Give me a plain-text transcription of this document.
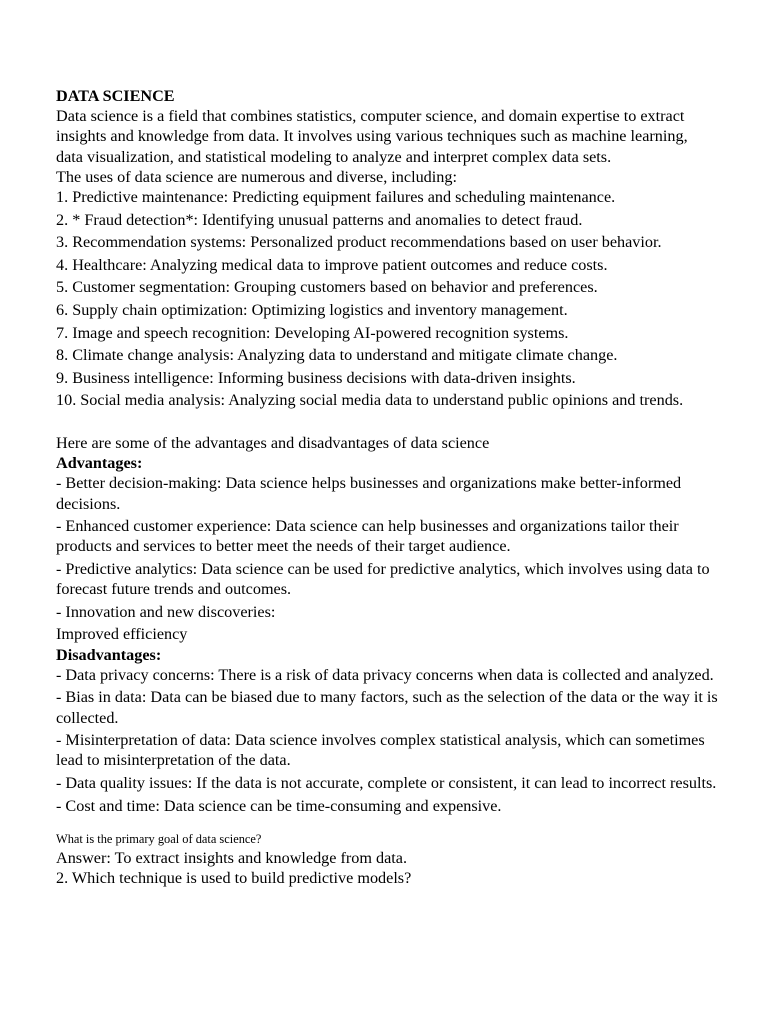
DATA SCIENCE
Data science is a field that combines statistics, computer science, and domain expertise to extract insights and knowledge from data. It involves using various techniques such as machine learning, data visualization, and statistical modeling to analyze and interpret complex data sets.
The uses of data science are numerous and diverse, including:
1. Predictive maintenance: Predicting equipment failures and scheduling maintenance.
2. * Fraud detection*: Identifying unusual patterns and anomalies to detect fraud.
3. Recommendation systems: Personalized product recommendations based on user behavior.
4. Healthcare: Analyzing medical data to improve patient outcomes and reduce costs.
5. Customer segmentation: Grouping customers based on behavior and preferences.
6. Supply chain optimization: Optimizing logistics and inventory management.
7. Image and speech recognition: Developing AI-powered recognition systems.
8. Climate change analysis: Analyzing data to understand and mitigate climate change.
9. Business intelligence: Informing business decisions with data-driven insights.
10. Social media analysis: Analyzing social media data to understand public opinions and trends.
Here are some of the advantages and disadvantages of data science
Advantages:
- Better decision-making: Data science helps businesses and organizations make better-informed decisions.
- Enhanced customer experience: Data science can help businesses and organizations tailor their products and services to better meet the needs of their target audience.
- Predictive analytics: Data science can be used for predictive analytics, which involves using data to forecast future trends and outcomes.
- Innovation and new discoveries:
Improved efficiency
Disadvantages:
- Data privacy concerns: There is a risk of data privacy concerns when data is collected and analyzed.
- Bias in data: Data can be biased due to many factors, such as the selection of the data or the way it is collected.
- Misinterpretation of data: Data science involves complex statistical analysis, which can sometimes lead to misinterpretation of the data.
- Data quality issues: If the data is not accurate, complete or consistent, it can lead to incorrect results.
- Cost and time: Data science can be time-consuming and expensive.
What is the primary goal of data science?
Answer: To extract insights and knowledge from data.
2. Which technique is used to build predictive models?
